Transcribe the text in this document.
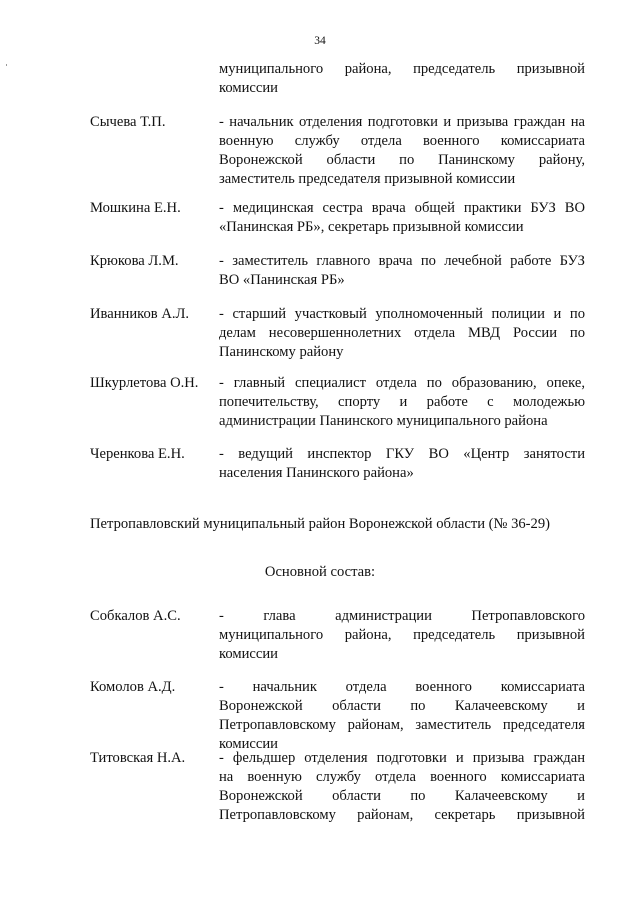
34
муниципального района, председатель призывной
комиссии
Сычева Т.П.	- начальник отделения подготовки и призыва граждан на
военную службу отдела военного комиссариата
Воронежской области по Панинскому району,
заместитель председателя призывной комиссии
Мошкина Е.Н.	- медицинская сестра врача общей практики БУЗ ВО
«Панинская РБ», секретарь призывной комиссии
Крюкова Л.М.	- заместитель главного врача по лечебной работе БУЗ
ВО «Панинская РБ»
Иванников А.Л. - старший участковый уполномоченный полиции и по
делам несовершеннолетних отдела МВД России по
Панинскому району
Шкурлетова О.Н. - главный специалист отдела по образованию, опеке,
попечительству, спорту и работе с молодежью
администрации Панинского муниципального района
Черенкова Е.Н. - ведущий инспектор ГКУ ВО «Центр занятости
населения Панинского района»
Петропавловский муниципальный район Воронежской области (№ 36-29)
Основной состав:
Собкалов А.С.	- глава администрации Петропавловского
муниципального района, председатель призывной
комиссии
Комолов А.Д.	- начальник отдела военного комиссариата
Воронежской области по Калачеевскому и
Петропавловскому районам, заместитель председателя
комиссии
Титовская Н.А. - фельдшер отделения подготовки и призыва граждан
на военную службу отдела военного комиссариата
Воронежской области по Калачеевскому и
Петропавловскому районам, секретарь призывной
